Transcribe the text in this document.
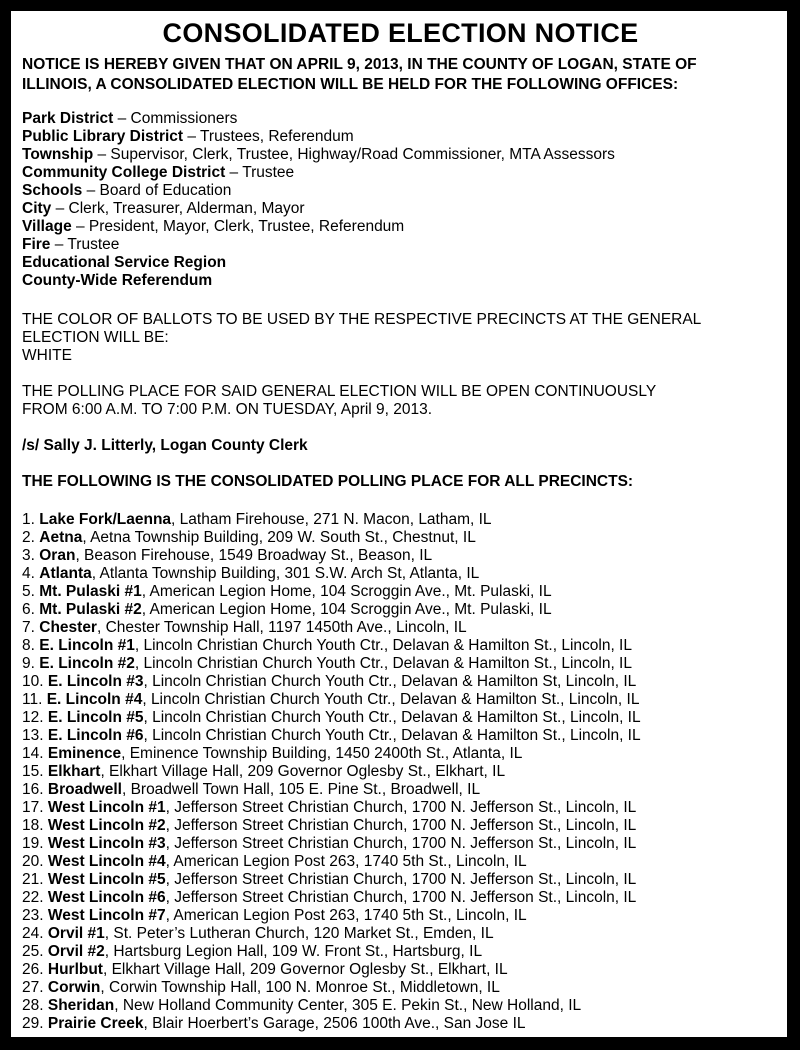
CONSOLIDATED ELECTION NOTICE
NOTICE IS HEREBY GIVEN THAT ON APRIL 9, 2013, IN THE COUNTY OF LOGAN, STATE OF
ILLINOIS, A CONSOLIDATED ELECTION WILL BE HELD FOR THE FOLLOWING OFFICES:
Park District – Commissioners
Public Library District – Trustees, Referendum
Township – Supervisor, Clerk, Trustee, Highway/Road Commissioner, MTA Assessors
Community College District – Trustee
Schools – Board of Education
City – Clerk, Treasurer, Alderman, Mayor
Village – President, Mayor, Clerk, Trustee, Referendum
Fire – Trustee
Educational Service Region
County-Wide Referendum
THE COLOR OF BALLOTS TO BE USED BY THE RESPECTIVE PRECINCTS AT THE GENERAL
ELECTION WILL BE:
WHITE
THE POLLING PLACE FOR SAID GENERAL ELECTION WILL BE OPEN CONTINUOUSLY
FROM 6:00 A.M. TO 7:00 P.M. ON TUESDAY, April 9, 2013.
/s/ Sally J. Litterly, Logan County Clerk
THE FOLLOWING IS THE CONSOLIDATED POLLING PLACE FOR ALL PRECINCTS:
1. Lake Fork/Laenna, Latham Firehouse, 271 N. Macon, Latham, IL
2. Aetna, Aetna Township Building, 209 W. South St., Chestnut, IL
3. Oran, Beason Firehouse, 1549 Broadway St., Beason, IL
4. Atlanta, Atlanta Township Building, 301 S.W. Arch St, Atlanta, IL
5. Mt. Pulaski #1, American Legion Home, 104 Scroggin Ave., Mt. Pulaski, IL
6. Mt. Pulaski #2, American Legion Home, 104 Scroggin Ave., Mt. Pulaski, IL
7. Chester, Chester Township Hall, 1197 1450th Ave., Lincoln, IL
8. E. Lincoln #1, Lincoln Christian Church Youth Ctr., Delavan & Hamilton St., Lincoln, IL
9. E. Lincoln #2, Lincoln Christian Church Youth Ctr., Delavan & Hamilton St., Lincoln, IL
10. E. Lincoln #3, Lincoln Christian Church Youth Ctr., Delavan & Hamilton St, Lincoln, IL
11. E. Lincoln #4, Lincoln Christian Church Youth Ctr., Delavan & Hamilton St., Lincoln, IL
12. E. Lincoln #5, Lincoln Christian Church Youth Ctr., Delavan & Hamilton St., Lincoln, IL
13. E. Lincoln #6, Lincoln Christian Church Youth Ctr., Delavan & Hamilton St., Lincoln, IL
14. Eminence, Eminence Township Building, 1450 2400th St., Atlanta, IL
15. Elkhart, Elkhart Village Hall, 209 Governor Oglesby St., Elkhart, IL
16. Broadwell, Broadwell Town Hall, 105 E. Pine St., Broadwell, IL
17. West Lincoln #1, Jefferson Street Christian Church, 1700 N. Jefferson St., Lincoln, IL
18. West Lincoln #2, Jefferson Street Christian Church, 1700 N. Jefferson St., Lincoln, IL
19. West Lincoln #3, Jefferson Street Christian Church, 1700 N. Jefferson St., Lincoln, IL
20. West Lincoln #4, American Legion Post 263, 1740 5th St., Lincoln, IL
21. West Lincoln #5, Jefferson Street Christian Church, 1700 N. Jefferson St., Lincoln, IL
22. West Lincoln #6, Jefferson Street Christian Church, 1700 N. Jefferson St., Lincoln, IL
23. West Lincoln #7, American Legion Post 263, 1740 5th St., Lincoln, IL
24. Orvil #1, St. Peter’s Lutheran Church, 120 Market St., Emden, IL
25. Orvil #2, Hartsburg Legion Hall, 109 W. Front St., Hartsburg, IL
26. Hurlbut, Elkhart Village Hall, 209 Governor Oglesby St., Elkhart, IL
27. Corwin, Corwin Township Hall, 100 N. Monroe St., Middletown, IL
28. Sheridan, New Holland Community Center, 305 E. Pekin St., New Holland, IL
29. Prairie Creek, Blair Hoerbert’s Garage, 2506 100th Ave., San Jose IL
